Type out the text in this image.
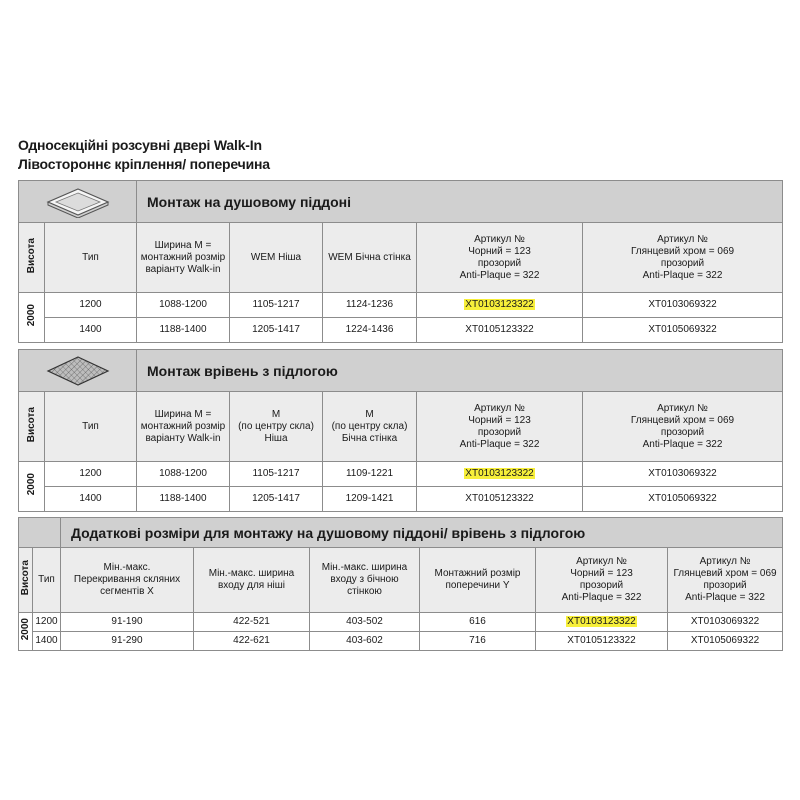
Односекційні розсувні двері Walk-In
Лівостороннє кріплення/ поперечина
	Монтаж на душовому піддоні				
Висота	Тип	Ширина M =
монтажний розмір
варіанту Walk-in	WEM Ніша	WEM Бічна стінка	Артикул №
Чорний = 123
прозорий
Anti-Plaque = 322	Артикул №
Глянцевий хром = 069
прозорий
Anti-Plaque = 322
2000	1200	1088-1200	1105-1217	1124-1236	XT0103123322	XT0103069322
	1400	1188-1400	1205-1417	1224-1436	XT0105123322	XT0105069322
	Монтаж врівень з підлогою				
Висота	Тип	Ширина M =
монтажний розмір
варіанту Walk-in	M
(по центру скла)
Ніша	M
(по центру скла)
Бічна стінка	Артикул №
Чорний = 123
прозорий
Anti-Plaque = 322	Артикул №
Глянцевий хром = 069
прозорий
Anti-Plaque = 322
2000	1200	1088-1200	1105-1217	1109-1221	XT0103123322	XT0103069322
	1400	1188-1400	1205-1417	1209-1421	XT0105123322	XT0105069322
		Додаткові розміри для монтажу на душовому піддоні/ врівень з підлогою					
Висота	Тип	Мін.-макс.
Перекривання скляних
сегментів X	Мін.-макс. ширина
входу для ніші	Мін.-макс. ширина
входу з бічною стінкою	Монтажний розмір
поперечини Y	Артикул №
Чорний = 123
прозорий
Anti-Plaque = 322	Артикул №
Глянцевий хром = 069
прозорий
Anti-Plaque = 322
2000	1200	91-190	422-521	403-502	616	XT0103123322	XT0103069322
	1400	91-290	422-621	403-602	716	XT0105123322	XT0105069322
